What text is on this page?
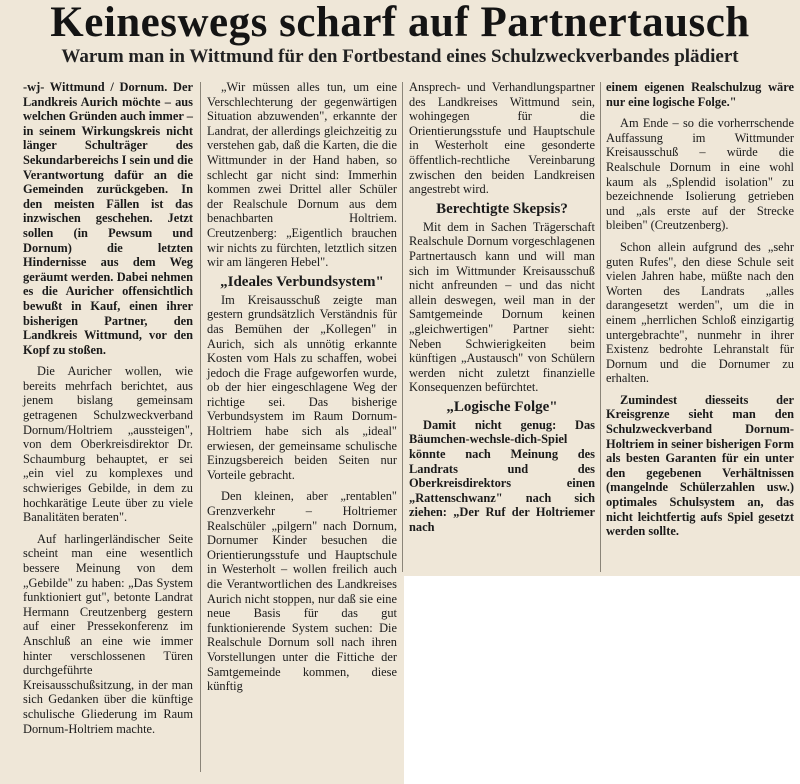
Keineswegs scharf auf Partnertausch
Warum man in Wittmund für den Fortbestand eines Schulzweckverbandes plädiert

-wj- Wittmund / Dornum. Der Landkreis Aurich möchte – aus welchen Gründen auch immer – in seinem Wirkungskreis nicht länger Schulträger des Sekundarbereichs I sein und die Verantwortung dafür an die Gemeinden zurückgeben. In den meisten Fällen ist das inzwischen geschehen. Jetzt sollen (in Pewsum und Dornum) die letzten Hindernisse aus dem Weg geräumt werden. Dabei nehmen es die Auricher offensichtlich bewußt in Kauf, einen ihrer bisherigen Partner, den Landkreis Wittmund, vor den Kopf zu stoßen.

Die Auricher wollen, wie bereits mehrfach berichtet, aus jenem bislang gemeinsam getragenen Schulzweckverband Dornum/Holtriem „aussteigen", von dem Oberkreisdirektor Dr. Schaumburg behauptet, er sei „ein viel zu komplexes und schwieriges Gebilde, in dem zu hochkarätige Leute über zu viele Banalitäten beraten".

Auf harlingerländischer Seite scheint man eine wesentlich bessere Meinung von dem „Gebilde" zu haben: „Das System funktioniert gut", betonte Landrat Hermann Creutzenberg gestern auf einer Pressekonferenz im Anschluß an eine wie immer hinter verschlossenen Türen durchgeführte Kreisausschußsitzung, in der man sich Gedanken über die künftige schulische Gliederung im Raum Dornum-Holtriem machte.

„Wir müssen alles tun, um eine Verschlechterung der gegenwärtigen Situation abzuwenden", erkannte der Landrat, der allerdings gleichzeitig zu verstehen gab, daß die Karten, die die Wittmunder in der Hand haben, so schlecht gar nicht sind: Immerhin kommen zwei Drittel aller Schüler der Realschule Dornum aus dem benachbarten Holtriem. Creutzenberg: „Eigentlich brauchen wir nichts zu fürchten, letztlich sitzen wir am längeren Hebel".

„Ideales Verbundsystem"

Im Kreisausschuß zeigte man gestern grundsätzlich Verständnis für das Bemühen der „Kollegen" in Aurich, sich als unnötig erkannte Kosten vom Hals zu schaffen, wobei jedoch die Frage aufgeworfen wurde, ob der hier eingeschlagene Weg der richtige sei. Das bisherige Verbundsystem im Raum Dornum-Holtriem habe sich als „ideal" erwiesen, der gemeinsame schulische Einzugsbereich beiden Seiten nur Vorteile gebracht.

Den kleinen, aber „rentablen" Grenzverkehr – Holtriemer Realschüler „pilgern" nach Dornum, Dornumer Kinder besuchen die Orientierungsstufe und Hauptschule in Westerholt – wollen freilich auch die Verantwortlichen des Landkreises Aurich nicht stoppen, nur daß sie eine neue Basis für das gut funktionierende System suchen: Die Realschule Dornum soll nach ihren Vorstellungen unter die Fittiche der Samtgemeinde kommen, diese künftig

Ansprech- und Verhandlungspartner des Landkreises Wittmund sein, wohingegen für die Orientierungsstufe und Hauptschule in Westerholt eine gesonderte öffentlich-rechtliche Vereinbarung zwischen den beiden Landkreisen angestrebt wird.

Berechtigte Skepsis?

Mit dem in Sachen Trägerschaft Realschule Dornum vorgeschlagenen Partnertausch kann und will man sich im Wittmunder Kreisausschuß nicht anfreunden – und das nicht allein deswegen, weil man in der Samtgemeinde Dornum keinen „gleichwertigen" Partner sieht: Neben Schwierigkeiten beim künftigen „Austausch" von Schülern werden nicht zuletzt finanzielle Konsequenzen befürchtet.

„Logische Folge"

Damit nicht genug: Das Bäumchen-wechsle-dich-Spiel könnte nach Meinung des Landrats und des Oberkreisdirektors einen „Rattenschwanz" nach sich ziehen: „Der Ruf der Holtriemer nach

einem eigenen Realschulzug wäre nur eine logische Folge."

Am Ende – so die vorherrschende Auffassung im Wittmunder Kreisausschuß – würde die Realschule Dornum in eine wohl kaum als „Splendid isolation" zu bezeichnende Isolierung getrieben und „als erste auf der Strecke bleiben" (Creutzenberg).

Schon allein aufgrund des „sehr guten Rufes", den diese Schule seit vielen Jahren habe, müßte nach den Worten des Landrats „alles darangesetzt werden", um die in einem „herrlichen Schloß einzigartig untergebrachte", nunmehr in ihrer Existenz bedrohte Lehranstalt für Dornum und die Dornumer zu erhalten.

Zumindest diesseits der Kreisgrenze sieht man den Schulzweckverband Dornum-Holtriem in seiner bisherigen Form als besten Garanten für ein unter den gegebenen Verhältnissen (mangelnde Schülerzahlen usw.) optimales Schulsystem an, das nicht leichtfertig aufs Spiel gesetzt werden sollte.
